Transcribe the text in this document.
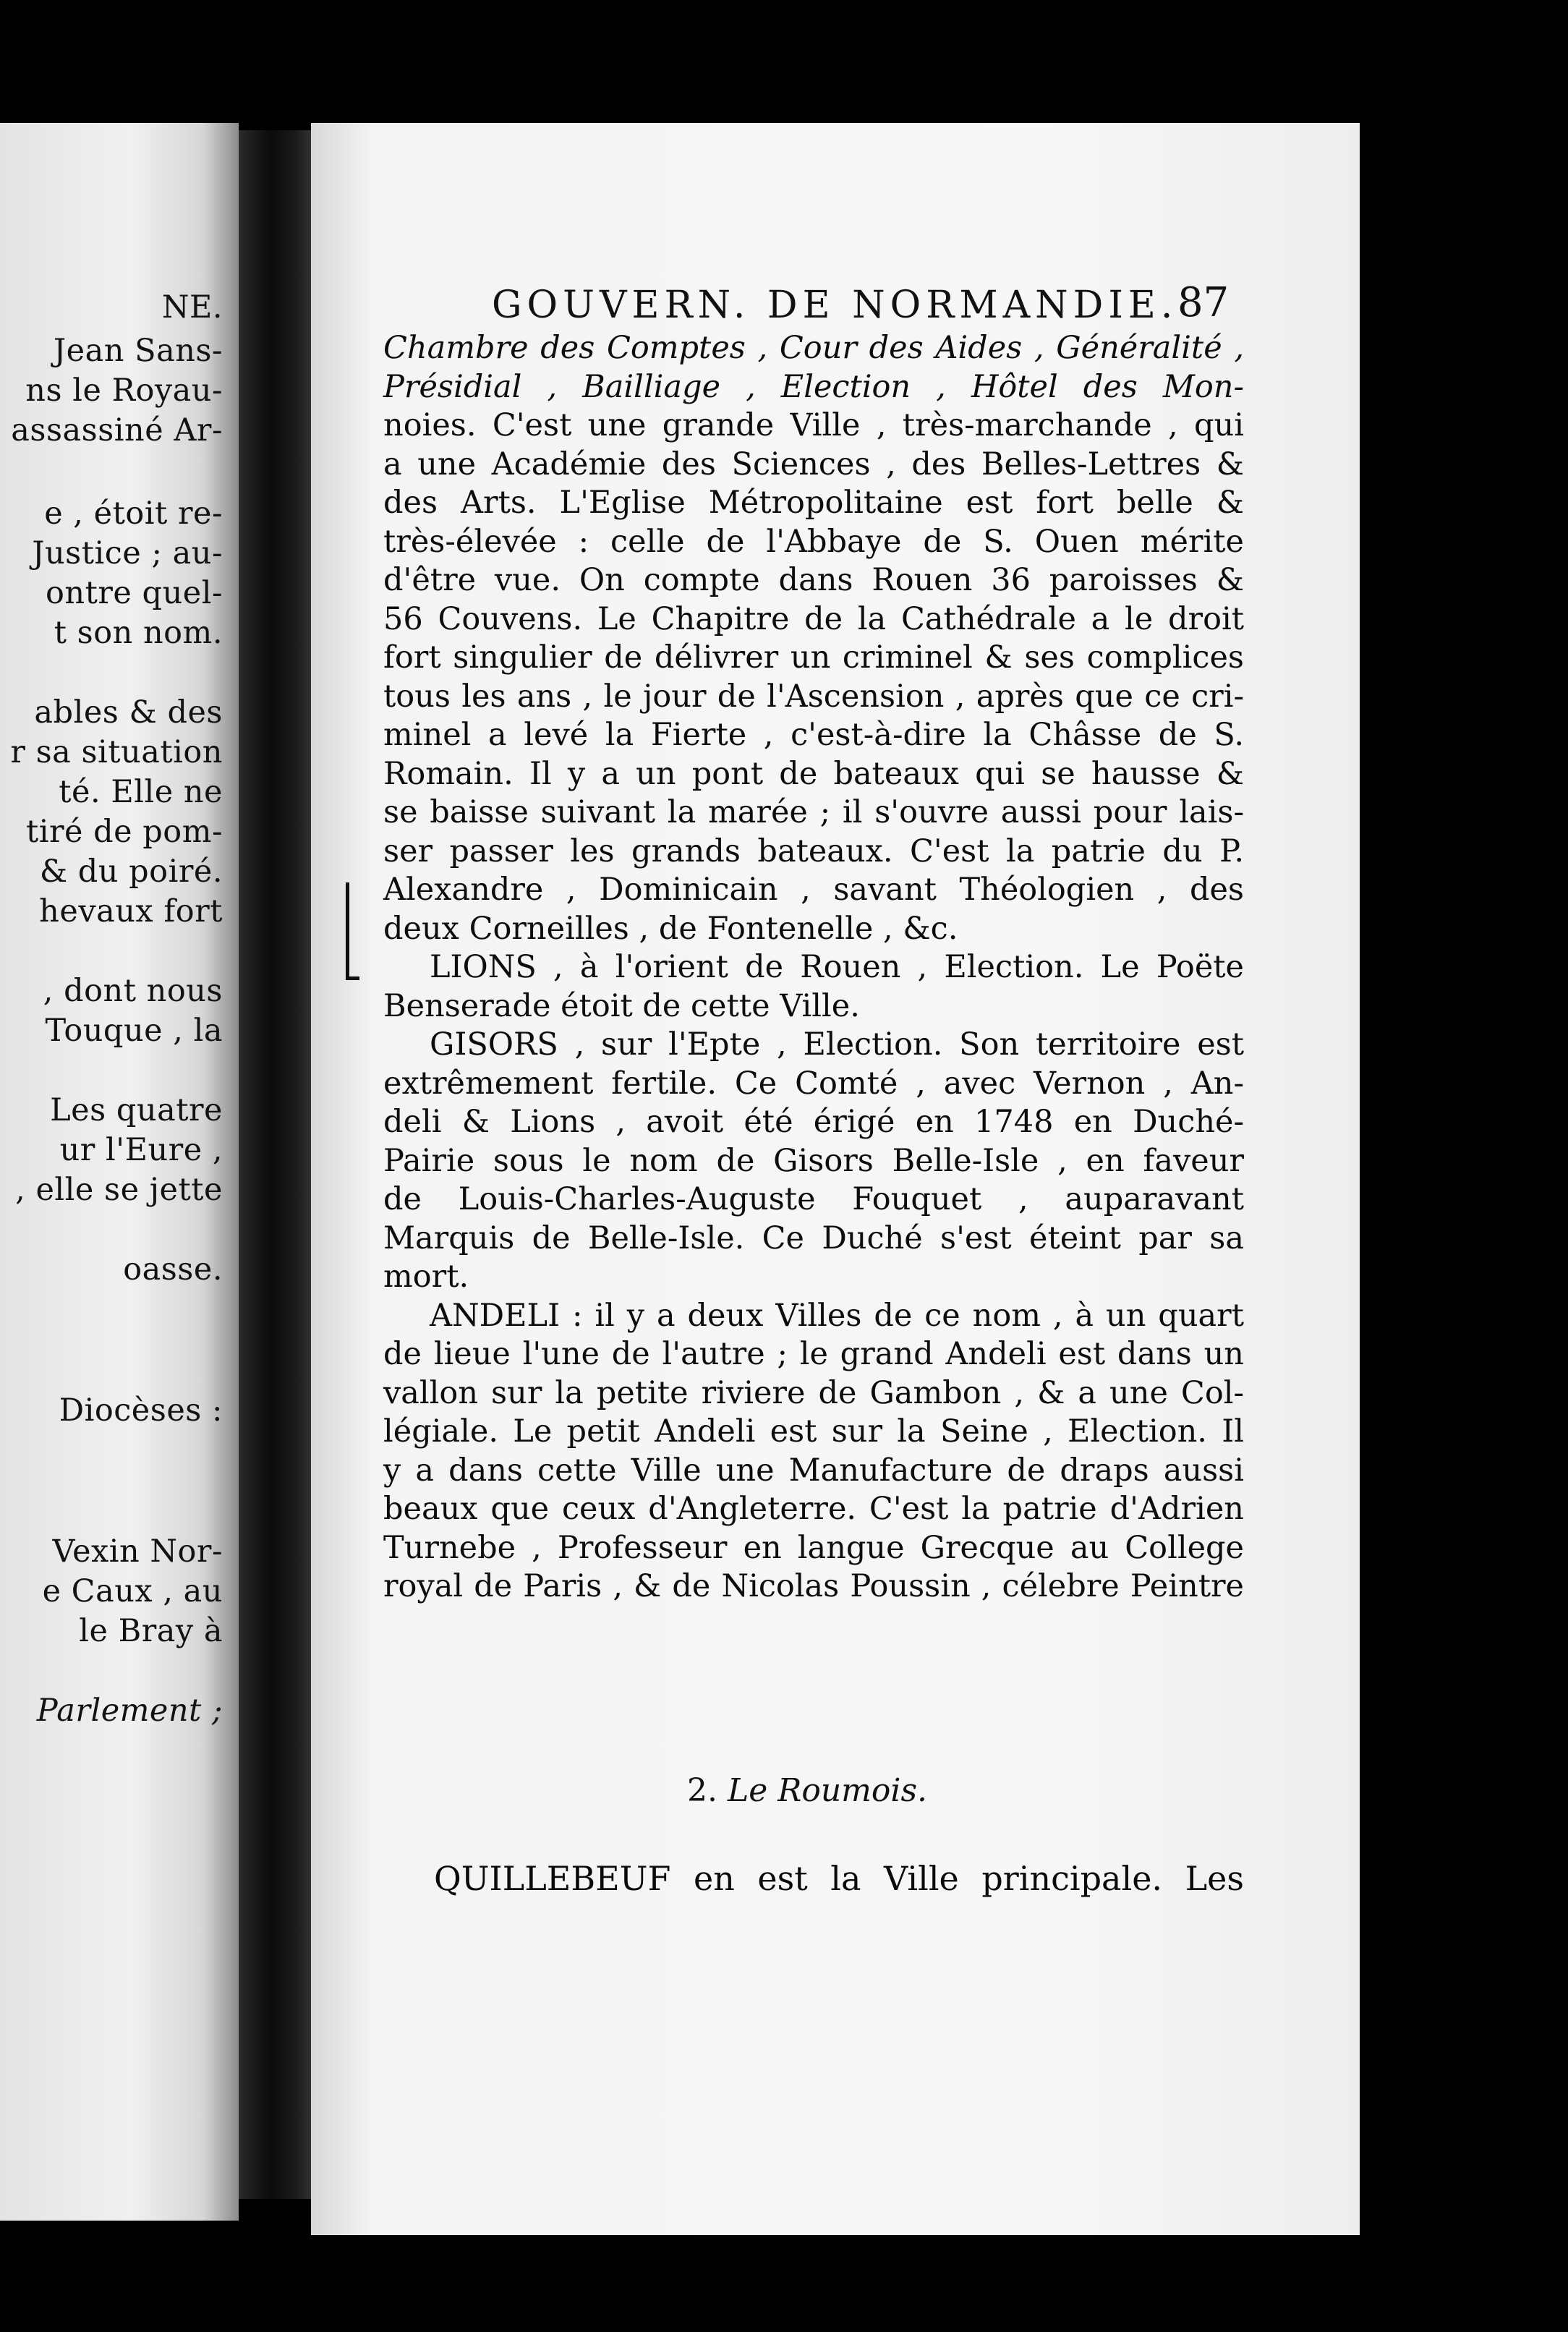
NE.
Jean Sans-
ns le Royau-
assassiné Ar-
e , étoit re-
Justice ; au-
ontre quel-
t son nom.
ables & des
r sa situation
té. Elle ne
tiré de pom-
& du poiré.
hevaux fort
, dont nous
Touque , la
Les quatre
ur l'Eure ,
, elle se jette
oasse.
Diocèses :
Vexin Nor-
e Caux , au
le Bray à
Parlement ;
GOUVERN. DE NORMANDIE. 87
Chambre des Comptes , Cour des Aides , Généralité ,
Présidial , Bailliage , Election , Hôtel des Mon-
noies. C'est une grande Ville , très-marchande , qui
a une Académie des Sciences , des Belles-Lettres &
des Arts. L'Eglise Métropolitaine est fort belle &
très-élevée : celle de l'Abbaye de S. Ouen mérite
d'être vue. On compte dans Rouen 36 paroisses &
56 Couvens. Le Chapitre de la Cathédrale a le droit
fort singulier de délivrer un criminel & ses complices
tous les ans , le jour de l'Ascension , après que ce cri-
minel a levé la Fierte , c'est-à-dire la Châsse de S.
Romain. Il y a un pont de bateaux qui se hausse &
se baisse suivant la marée ; il s'ouvre aussi pour lais-
ser passer les grands bateaux. C'est la patrie du P.
Alexandre , Dominicain , savant Théologien , des
deux Corneilles , de Fontenelle , &c.
LIONS , à l'orient de Rouen , Election. Le Poëte
Benserade étoit de cette Ville.
GISORS , sur l'Epte , Election. Son territoire est
extrêmement fertile. Ce Comté , avec Vernon , An-
deli & Lions , avoit été érigé en 1748 en Duché-
Pairie sous le nom de Gisors Belle-Isle , en faveur
de Louis-Charles-Auguste Fouquet , auparavant
Marquis de Belle-Isle. Ce Duché s'est éteint par sa
mort.
ANDELI : il y a deux Villes de ce nom , à un quart
de lieue l'une de l'autre ; le grand Andeli est dans un
vallon sur la petite riviere de Gambon , & a une Col-
légiale. Le petit Andeli est sur la Seine , Election. Il
y a dans cette Ville une Manufacture de draps aussi
beaux que ceux d'Angleterre. C'est la patrie d'Adrien
Turnebe , Professeur en langue Grecque au College
royal de Paris , & de Nicolas Poussin , célebre Peintre
2. Le Roumois.
QUILLEBEUF en est la Ville principale. Les
